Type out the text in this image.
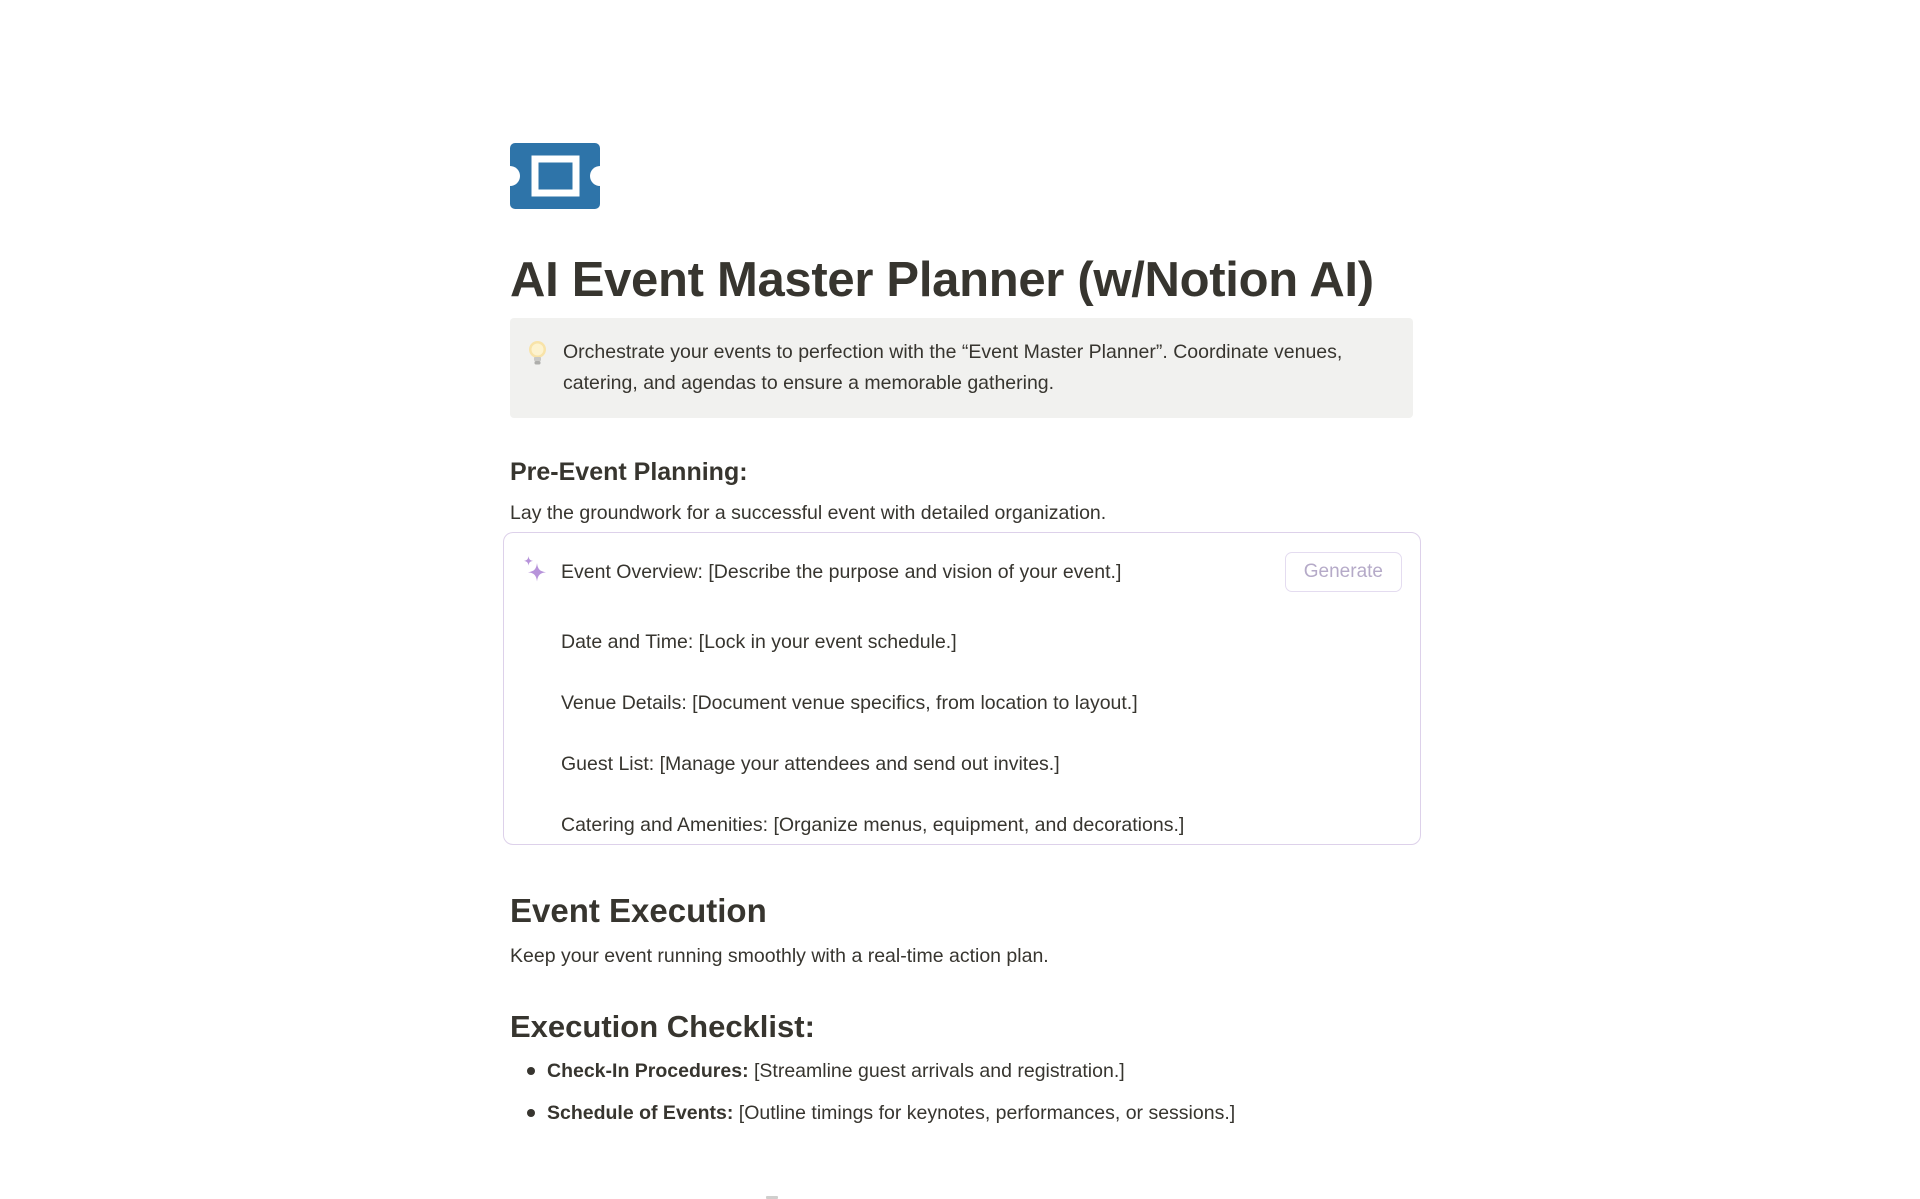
AI Event Master Planner (w/Notion AI)
Orchestrate your events to perfection with the “Event Master Planner”. Coordinate venues, catering, and agendas to ensure a memorable gathering.
Pre-Event Planning:
Lay the groundwork for a successful event with detailed organization.
Event Overview: [Describe the purpose and vision of your event.]	Generate
Date and Time: [Lock in your event schedule.]
Venue Details: [Document venue specifics, from location to layout.]
Guest List: [Manage your attendees and send out invites.]
Catering and Amenities: [Organize menus, equipment, and decorations.]
Event Execution
Keep your event running smoothly with a real-time action plan.
Execution Checklist:
Check-In Procedures: [Streamline guest arrivals and registration.]
Schedule of Events: [Outline timings for keynotes, performances, or sessions.]
